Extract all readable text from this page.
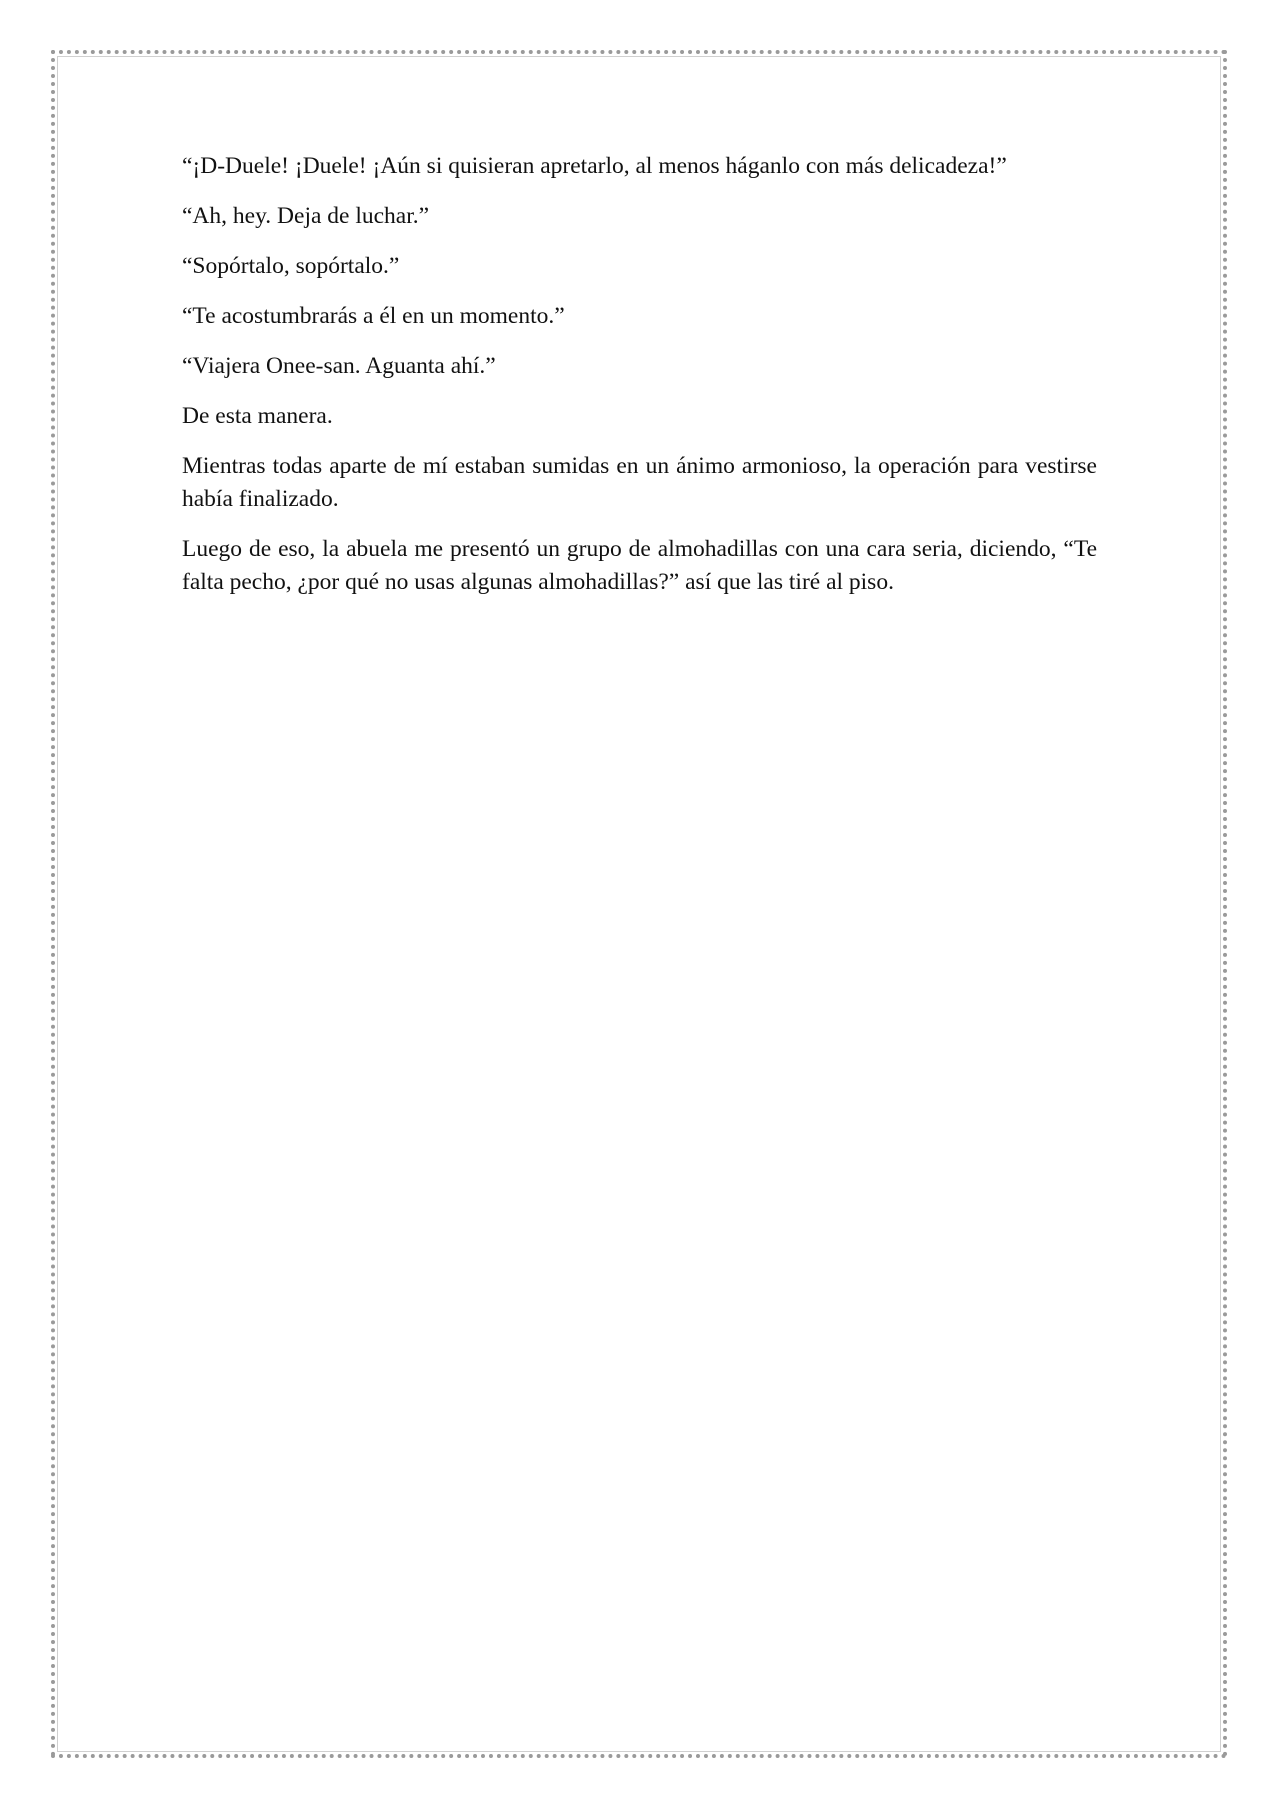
“¡D-Duele! ¡Duele! ¡Aún si quisieran apretarlo, al menos háganlo con más delicadeza!”

“Ah, hey. Deja de luchar.”

“Sopórtalo, sopórtalo.”

“Te acostumbrarás a él en un momento.”

“Viajera Onee-san. Aguanta ahí.”

De esta manera.

Mientras todas aparte de mí estaban sumidas en un ánimo armonioso, la operación para vestirse había finalizado.

Luego de eso, la abuela me presentó un grupo de almohadillas con una cara seria, diciendo, “Te falta pecho, ¿por qué no usas algunas almohadillas?” así que las tiré al piso.
